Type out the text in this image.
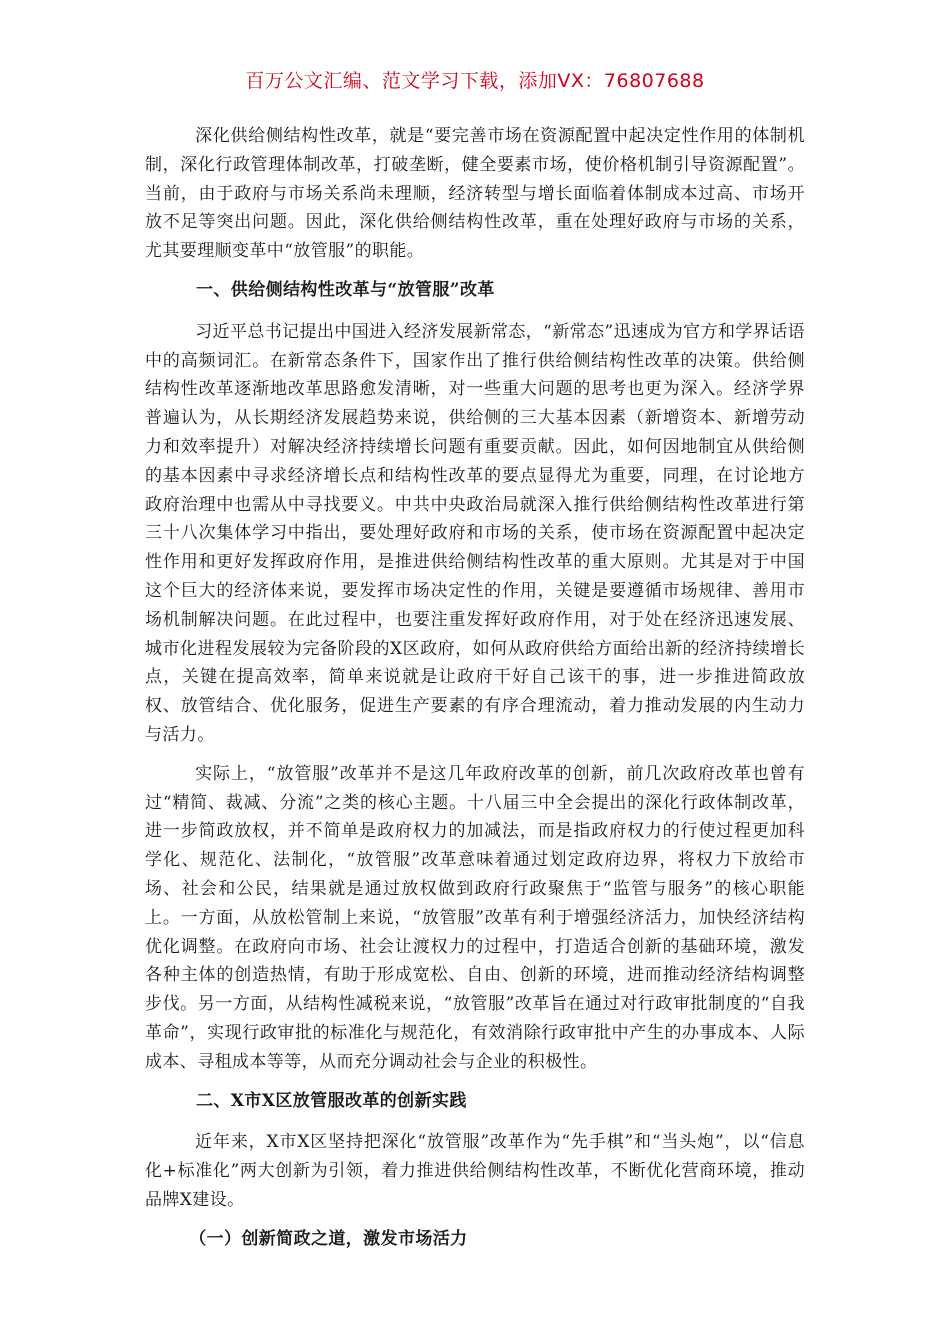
百万公文汇编、范文学习下载，添加VX：76807688

深化供给侧结构性改革，就是“要完善市场在资源配置中起决定性作用的体制机制，深化行政管理体制改革，打破垄断，健全要素市场，使价格机制引导资源配置”。当前，由于政府与市场关系尚未理顺，经济转型与增长面临着体制成本过高、市场开放不足等突出问题。因此，深化供给侧结构性改革，重在处理好政府与市场的关系，尤其要理顺变革中“放管服”的职能。

一、供给侧结构性改革与“放管服”改革

习近平总书记提出中国进入经济发展新常态，“新常态”迅速成为官方和学界话语中的高频词汇。在新常态条件下，国家作出了推行供给侧结构性改革的决策。供给侧结构性改革逐渐地改革思路愈发清晰，对一些重大问题的思考也更为深入。经济学界普遍认为，从长期经济发展趋势来说，供给侧的三大基本因素（新增资本、新增劳动力和效率提升）对解决经济持续增长问题有重要贡献。因此，如何因地制宜从供给侧的基本因素中寻求经济增长点和结构性改革的要点显得尤为重要，同理，在讨论地方政府治理中也需从中寻找要义。中共中央政治局就深入推行供给侧结构性改革进行第三十八次集体学习中指出，要处理好政府和市场的关系，使市场在资源配置中起决定性作用和更好发挥政府作用，是推进供给侧结构性改革的重大原则。尤其是对于中国这个巨大的经济体来说，要发挥市场决定性的作用，关键是要遵循市场规律、善用市场机制解决问题。在此过程中，也要注重发挥好政府作用，对于处在经济迅速发展、城市化进程发展较为完备阶段的X区政府，如何从政府供给方面给出新的经济持续增长点，关键在提高效率，简单来说就是让政府干好自己该干的事，进一步推进简政放权、放管结合、优化服务，促进生产要素的有序合理流动，着力推动发展的内生动力与活力。

实际上，“放管服”改革并不是这几年政府改革的创新，前几次政府改革也曾有过“精简、裁减、分流”之类的核心主题。十八届三中全会提出的深化行政体制改革，进一步简政放权，并不简单是政府权力的加减法，而是指政府权力的行使过程更加科学化、规范化、法制化，“放管服”改革意味着通过划定政府边界，将权力下放给市场、社会和公民，结果就是通过放权做到政府行政聚焦于“监管与服务”的核心职能上。一方面，从放松管制上来说，“放管服”改革有利于增强经济活力，加快经济结构优化调整。在政府向市场、社会让渡权力的过程中，打造适合创新的基础环境，激发各种主体的创造热情，有助于形成宽松、自由、创新的环境，进而推动经济结构调整步伐。另一方面，从结构性减税来说，“放管服”改革旨在通过对行政审批制度的“自我革命”，实现行政审批的标准化与规范化，有效消除行政审批中产生的办事成本、人际成本、寻租成本等等，从而充分调动社会与企业的积极性。

二、X市X区放管服改革的创新实践

近年来，X市X区坚持把深化“放管服”改革作为“先手棋”和“当头炮”，以“信息化+标准化”两大创新为引领，着力推进供给侧结构性改革，不断优化营商环境，推动品牌X建设。

（一）创新简政之道，激发市场活力
